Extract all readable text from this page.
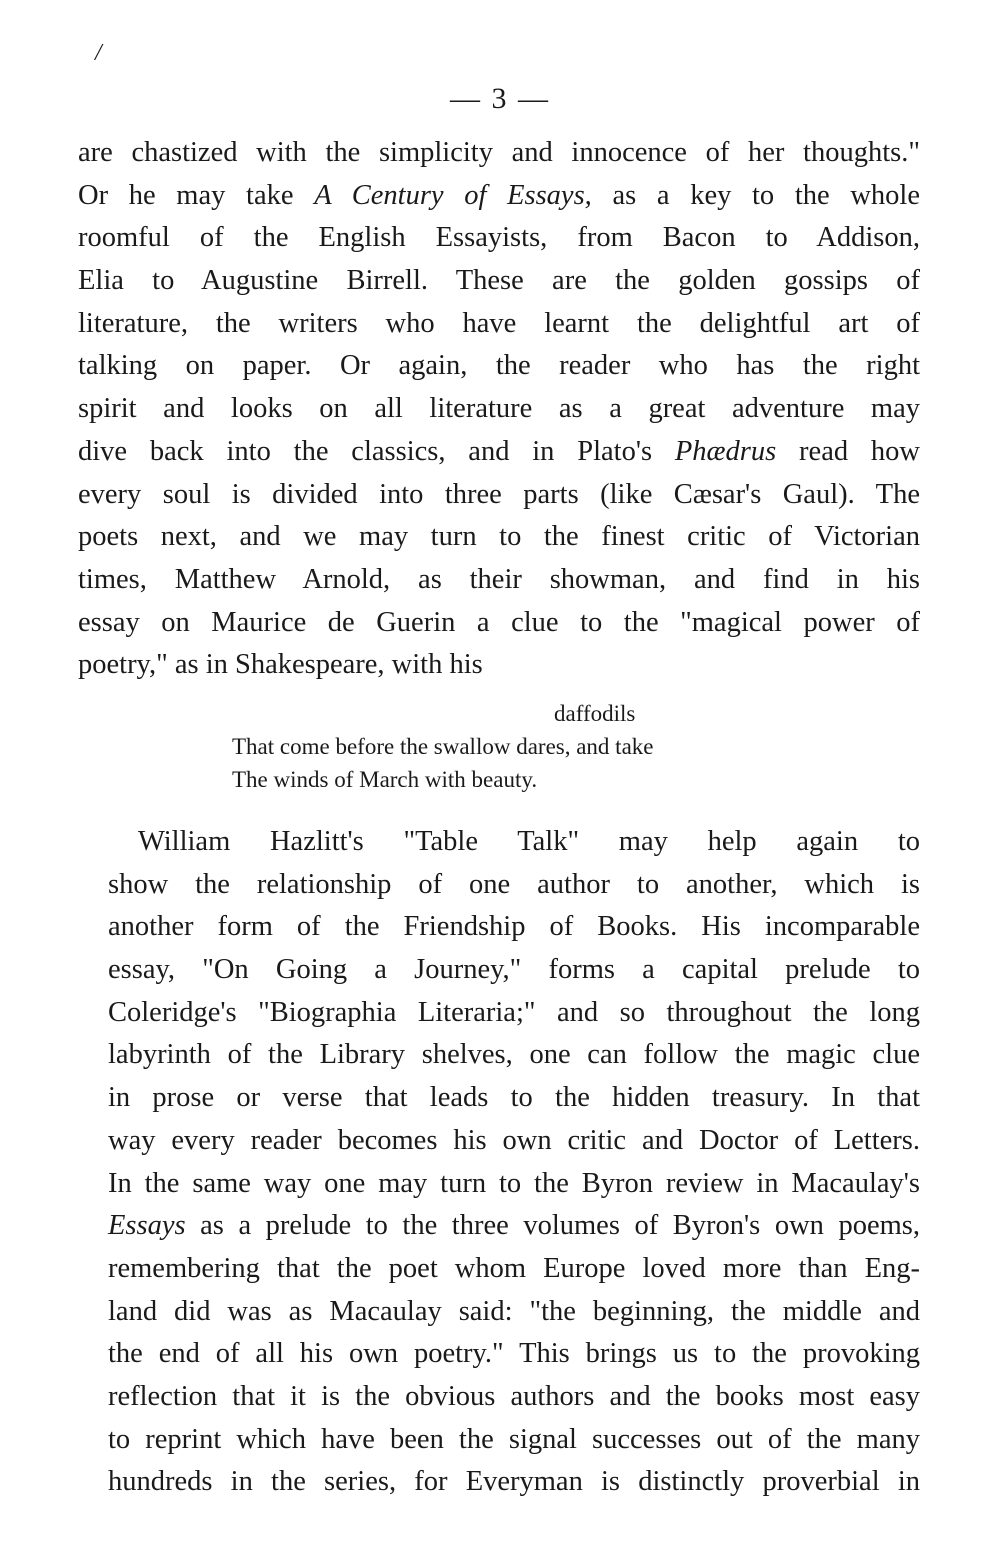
/
— 3 —
are chastized with the simplicity and innocence of her thoughts."
Or he may take A Century of Essays, as a key to the whole
roomful of the English Essayists, from Bacon to Addison,
Elia to Augustine Birrell. These are the golden gossips of
literature, the writers who have learnt the delightful art of
talking on paper. Or again, the reader who has the right
spirit and looks on all literature as a great adventure may
dive back into the classics, and in Plato's Phædrus read how
every soul is divided into three parts (like Cæsar's Gaul). The
poets next, and we may turn to the finest critic of Victorian
times, Matthew Arnold, as their showman, and find in his
essay on Maurice de Guerin a clue to the "magical power of
poetry," as in Shakespeare, with his
daffodils
That come before the swallow dares, and take
The winds of March with beauty.
William Hazlitt's "Table Talk" may help again to
show the relationship of one author to another, which is
another form of the Friendship of Books. His incomparable
essay, "On Going a Journey," forms a capital prelude to
Coleridge's "Biographia Literaria;" and so throughout the long
labyrinth of the Library shelves, one can follow the magic clue
in prose or verse that leads to the hidden treasury. In that
way every reader becomes his own critic and Doctor of Letters.
In the same way one may turn to the Byron review in Macaulay's
Essays as a prelude to the three volumes of Byron's own poems,
remembering that the poet whom Europe loved more than Eng-
land did was as Macaulay said: "the beginning, the middle and
the end of all his own poetry." This brings us to the provoking
reflection that it is the obvious authors and the books most easy
to reprint which have been the signal successes out of the many
hundreds in the series, for Everyman is distinctly proverbial in
